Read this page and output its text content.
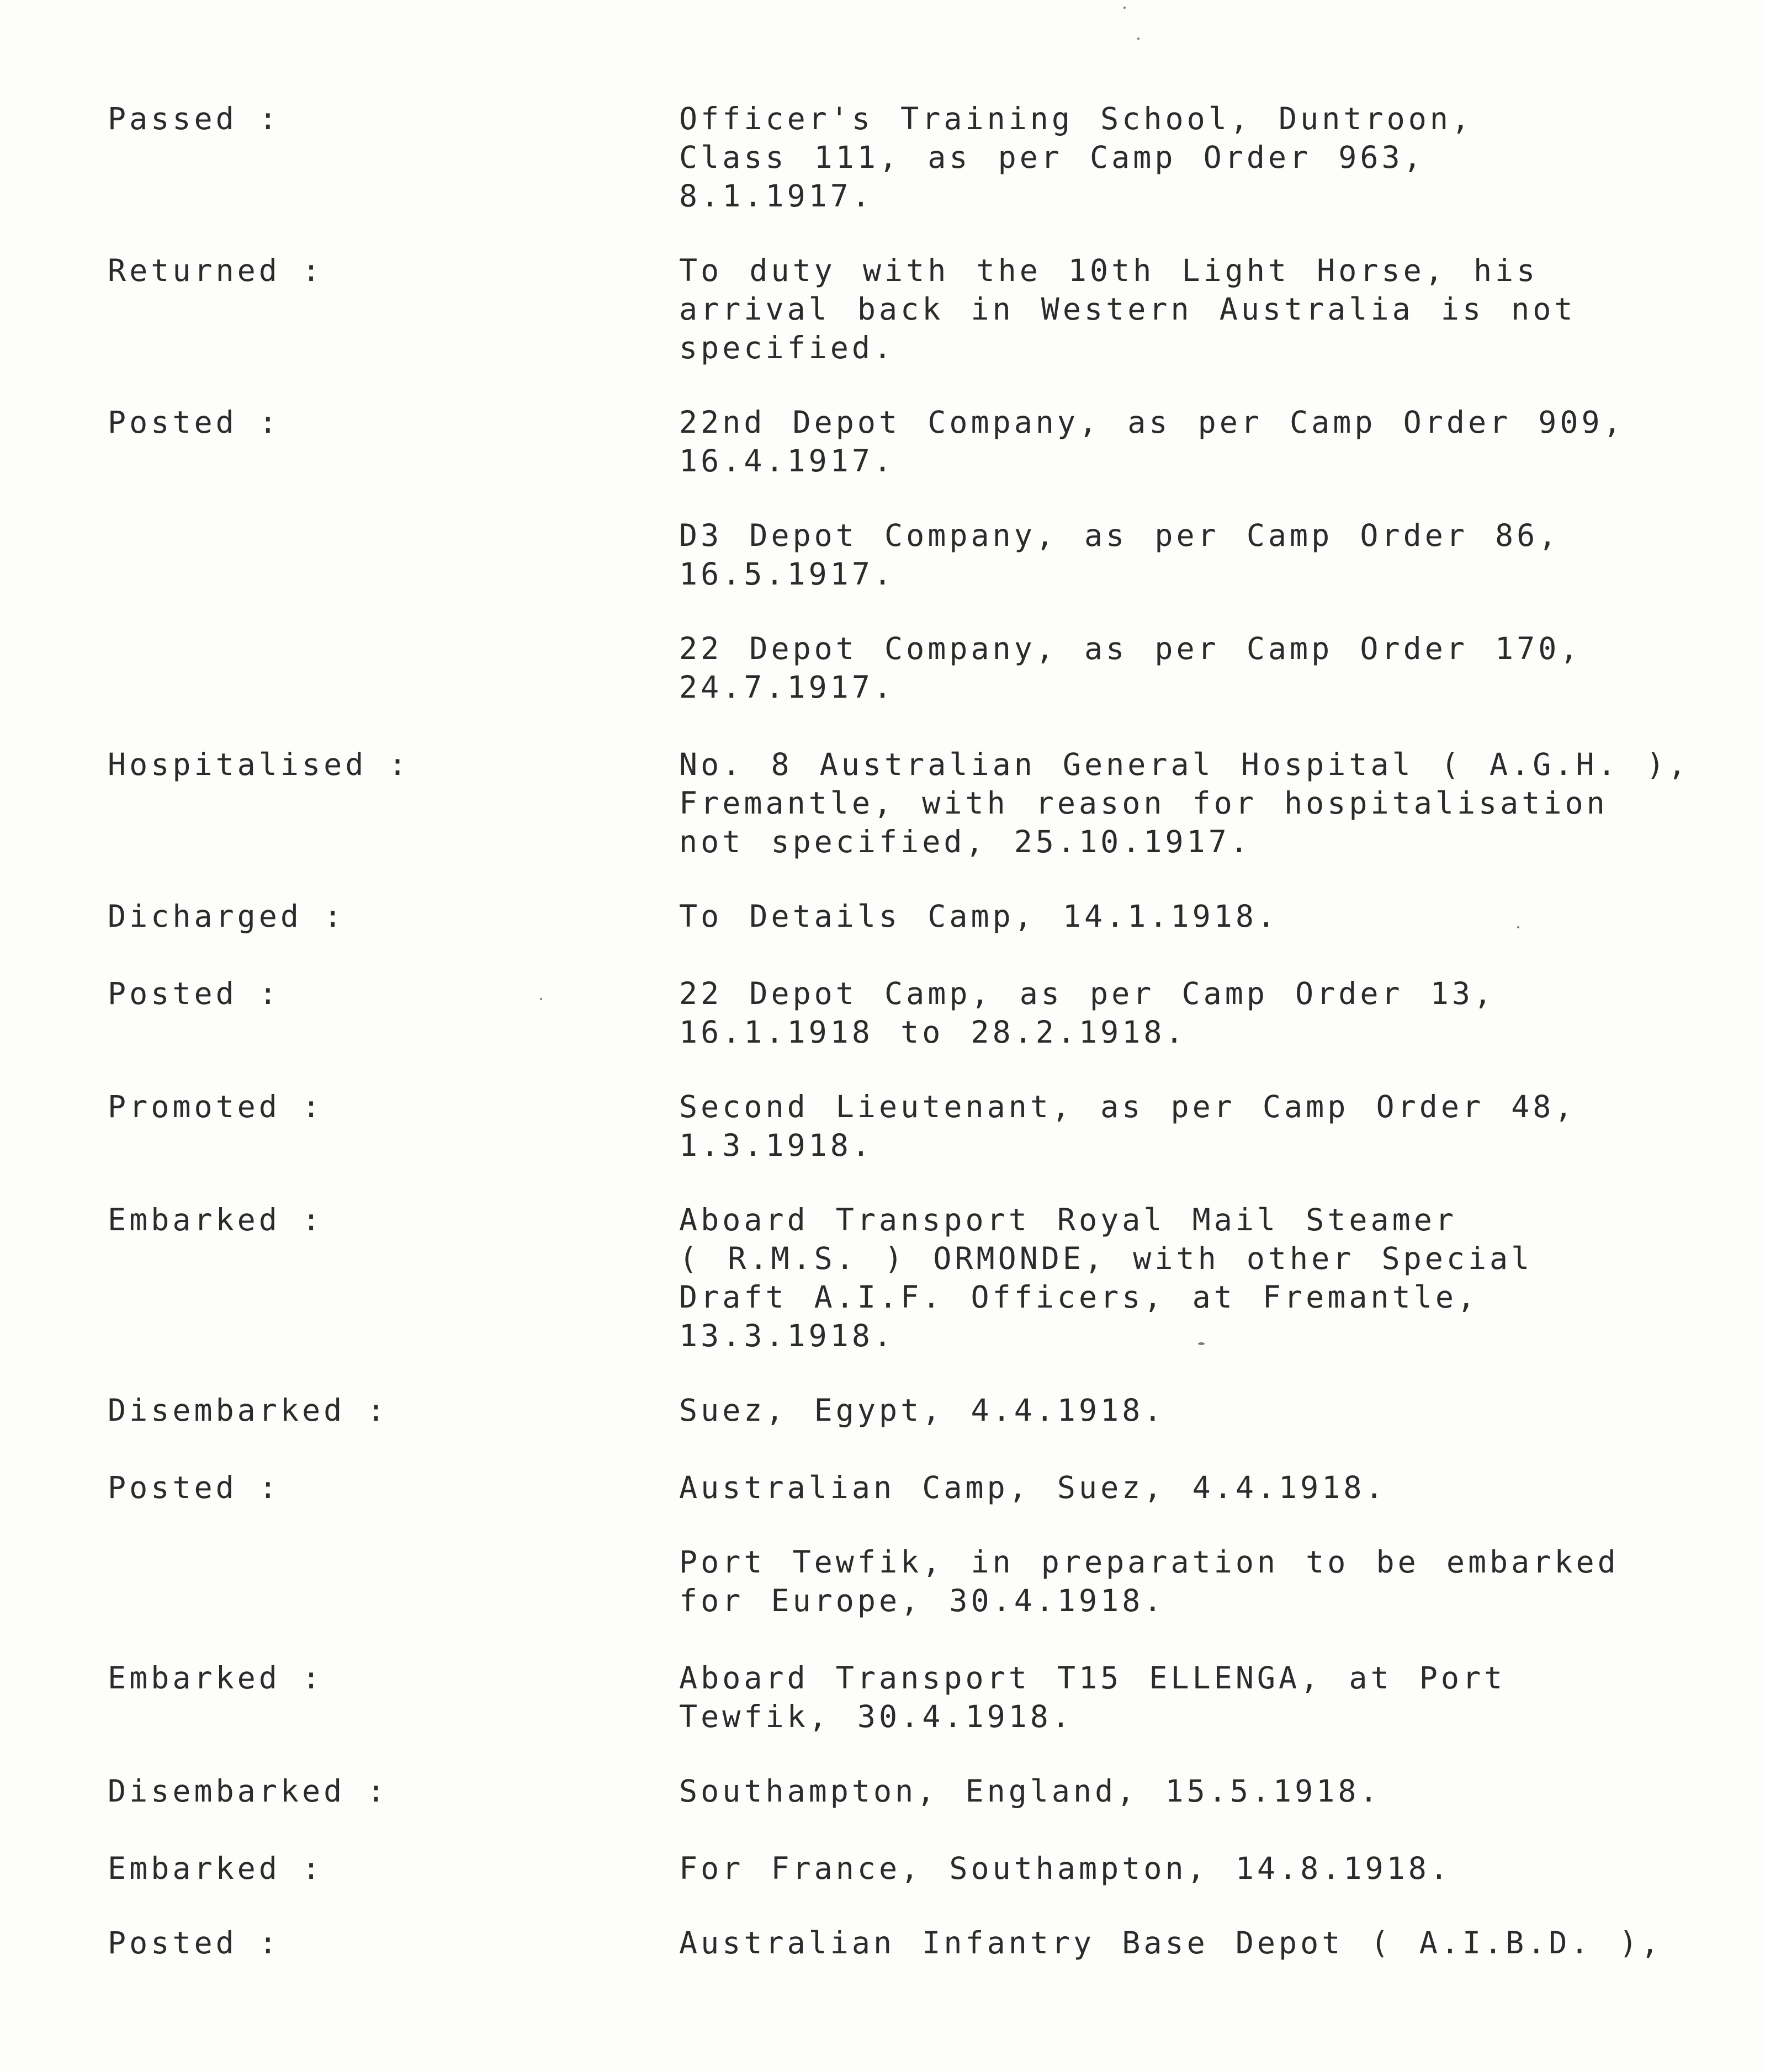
Passed :	Officer's Training School, Duntroon,
Class 111, as per Camp Order 963,
8.1.1917.
Returned :	To duty with the 10th Light Horse, his
arrival back in Western Australia is not
specified.
Posted :	22nd Depot Company, as per Camp Order 909,
16.4.1917.
D3 Depot Company, as per Camp Order 86,
16.5.1917.
22 Depot Company, as per Camp Order 170,
24.7.1917.
Hospitalised :	No. 8 Australian General Hospital ( A.G.H. ),
Fremantle, with reason for hospitalisation
not specified, 25.10.1917.
Dicharged :	To Details Camp, 14.1.1918.
Posted :	22 Depot Camp, as per Camp Order 13,
16.1.1918 to 28.2.1918.
Promoted :	Second Lieutenant, as per Camp Order 48,
1.3.1918.
Embarked :	Aboard Transport Royal Mail Steamer
( R.M.S. ) ORMONDE, with other Special
Draft A.I.F. Officers, at Fremantle,
13.3.1918.
Disembarked :	Suez, Egypt, 4.4.1918.
Posted :	Australian Camp, Suez, 4.4.1918.
Port Tewfik, in preparation to be embarked
for Europe, 30.4.1918.
Embarked :	Aboard Transport T15 ELLENGA, at Port
Tewfik, 30.4.1918.
Disembarked :	Southampton, England, 15.5.1918.
Embarked :	For France, Southampton, 14.8.1918.
Posted :	Australian Infantry Base Depot ( A.I.B.D. ),
